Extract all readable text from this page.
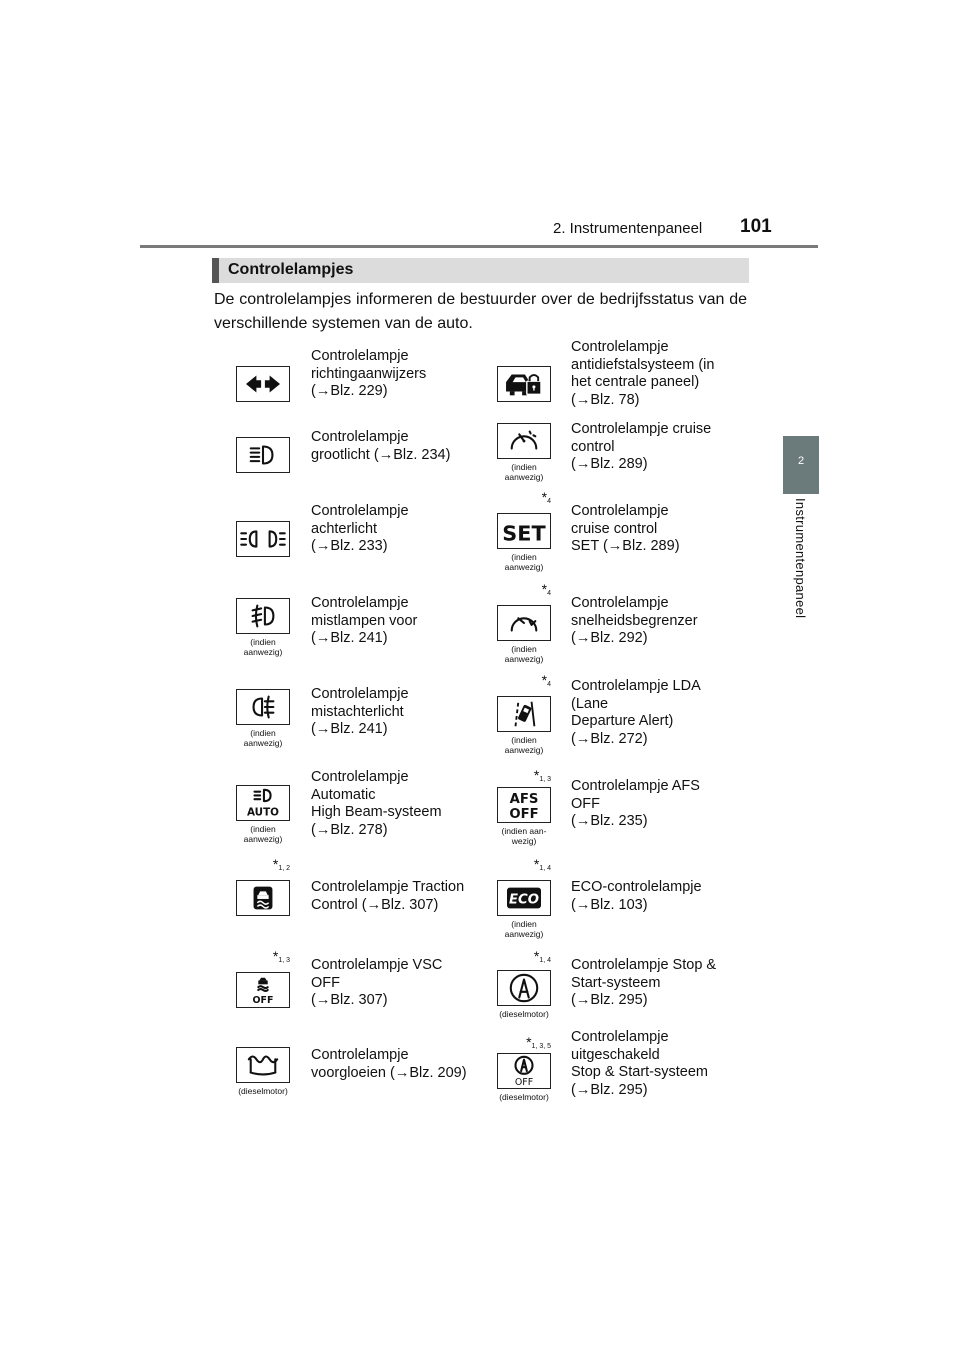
2. Instrumentenpaneel 101
2
Instrumentenpaneel
Controlelampjes
De controlelampjes informeren de bestuurder over de bedrijfsstatus van de verschillende systemen van de auto.
Controlelampje
richtingaanwijzers
(→Blz. 229)
Controlelampje
grootlicht (→Blz. 234)
Controlelampje
achterlicht
(→Blz. 233)
(indien
aanwezig)
Controlelampje
mistlampen voor
(→Blz. 241)
(indien
aanwezig)
Controlelampje
mistachterlicht
(→Blz. 241)
AUTO
(indien
aanwezig)
Controlelampje
Automatic
High Beam-systeem
(→Blz. 278)
$*_{1, 2}$
Controlelampje Traction
Control (→Blz. 307)
OFF
$*_{1, 3}$ Controlelampje VSC
OFF
(→Blz. 307)
(dieselmotor)
Controlelampje
voorgloeien (→Blz. 209)
Controlelampje
antidiefstalsysteem (in
het centrale paneel)
(→Blz. 78)
(indien
aanwezig)
Controlelampje cruise
control
(→Blz. 289)
SET
(indien
aanwezig)
$*_4$
Controlelampje
cruise control
SET (→Blz. 289)
(indien
aanwezig)
$*_4$
Controlelampje
snelheidsbegrenzer
(→Blz. 292)
(indien
aanwezig)
$*_4$ Controlelampje LDA
(Lane
Departure Alert)
(→Blz. 272)
AFS
OFF
(indien aan-
wezig)
$*_{1, 3}$ Controlelampje AFS
OFF
(→Blz. 235)
ECO
(indien
aanwezig)
$*_{1, 4}$
ECO-controlelampje
(→Blz. 103)
(dieselmotor)
$*_{1, 4}$ Controlelampje Stop &
Start-systeem
(→Blz. 295)
OFF
(dieselmotor)
$*_{1, 3, 5}$
Controlelampje
uitgeschakeld
Stop & Start-systeem
(→Blz. 295)
